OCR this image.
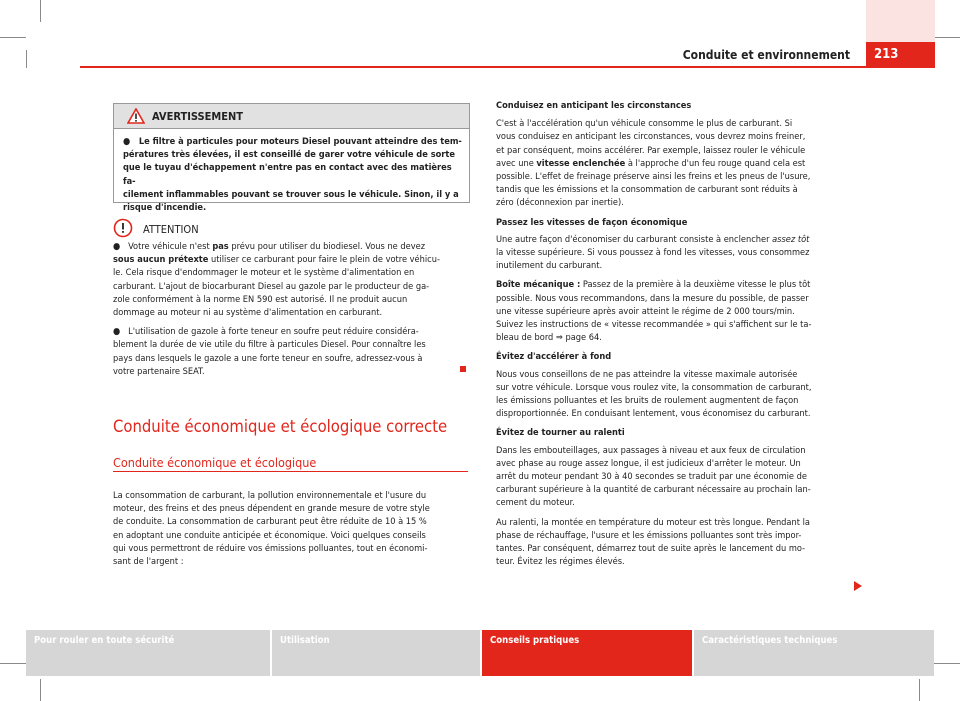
Conduite et environnement	213
AVERTISSEMENT

● Le filtre à particules pour moteurs Diesel pouvant atteindre des tem-

pératures très élevées, il est conseillé de garer votre véhicule de sorte

que le tuyau d'échappement n'entre pas en contact avec des matières fa-

cilement inflammables pouvant se trouver sous le véhicule. Sinon, il y a

risque d'incendie.

ATTENTION

● Votre véhicule n'est pas prévu pour utiliser du biodiesel. Vous ne devez

sous aucun prétexte utiliser ce carburant pour faire le plein de votre véhicu-

le. Cela risque d'endommager le moteur et le système d'alimentation en

carburant. L'ajout de biocarburant Diesel au gazole par le producteur de ga-

zole conformément à la norme EN 590 est autorisé. Il ne produit aucun

dommage au moteur ni au système d'alimentation en carburant.

● L'utilisation de gazole à forte teneur en soufre peut réduire considéra-

blement la durée de vie utile du filtre à particules Diesel. Pour connaître les

pays dans lesquels le gazole a une forte teneur en soufre, adressez-vous à

votre partenaire SEAT.

Conduite économique et écologique correcte
Conduite économique et écologique

La consommation de carburant, la pollution environnementale et l'usure du

moteur, des freins et des pneus dépendent en grande mesure de votre style

de conduite. La consommation de carburant peut être réduite de 10 à 15 %

en adoptant une conduite anticipée et économique. Voici quelques conseils

qui vous permettront de réduire vos émissions polluantes, tout en économi-

sant de l'argent :

Conduisez en anticipant les circonstances

C'est à l'accélération qu'un véhicule consomme le plus de carburant. Si

vous conduisez en anticipant les circonstances, vous devrez moins freiner,

et par conséquent, moins accélérer. Par exemple, laissez rouler le véhicule

avec une vitesse enclenchée à l'approche d'un feu rouge quand cela est

possible. L'effet de freinage préserve ainsi les freins et les pneus de l'usure,

tandis que les émissions et la consommation de carburant sont réduits à

zéro (déconnexion par inertie).

Passez les vitesses de façon économique

Une autre façon d'économiser du carburant consiste à enclencher assez tôt

la vitesse supérieure. Si vous poussez à fond les vitesses, vous consommez

inutilement du carburant.

Boîte mécanique : Passez de la première à la deuxième vitesse le plus tôt

possible. Nous vous recommandons, dans la mesure du possible, de passer

une vitesse supérieure après avoir atteint le régime de 2 000 tours/min.

Suivez les instructions de « vitesse recommandée » qui s'affichent sur le ta-

bleau de bord ⇒ page 64.

Évitez d'accélérer à fond

Nous vous conseillons de ne pas atteindre la vitesse maximale autorisée

sur votre véhicule. Lorsque vous roulez vite, la consommation de carburant,

les émissions polluantes et les bruits de roulement augmentent de façon

disproportionnée. En conduisant lentement, vous économisez du carburant.

Évitez de tourner au ralenti

Dans les embouteillages, aux passages à niveau et aux feux de circulation

avec phase au rouge assez longue, il est judicieux d'arrêter le moteur. Un

arrêt du moteur pendant 30 à 40 secondes se traduit par une économie de

carburant supérieure à la quantité de carburant nécessaire au prochain lan-

cement du moteur.

Au ralenti, la montée en température du moteur est très longue. Pendant la

phase de réchauffage, l'usure et les émissions polluantes sont très impor-

tantes. Par conséquent, démarrez tout de suite après le lancement du mo-

teur. Évitez les régimes élevés.

Pour rouler en toute sécurité	Utilisation	Conseils pratiques	Caractéristiques techniques
